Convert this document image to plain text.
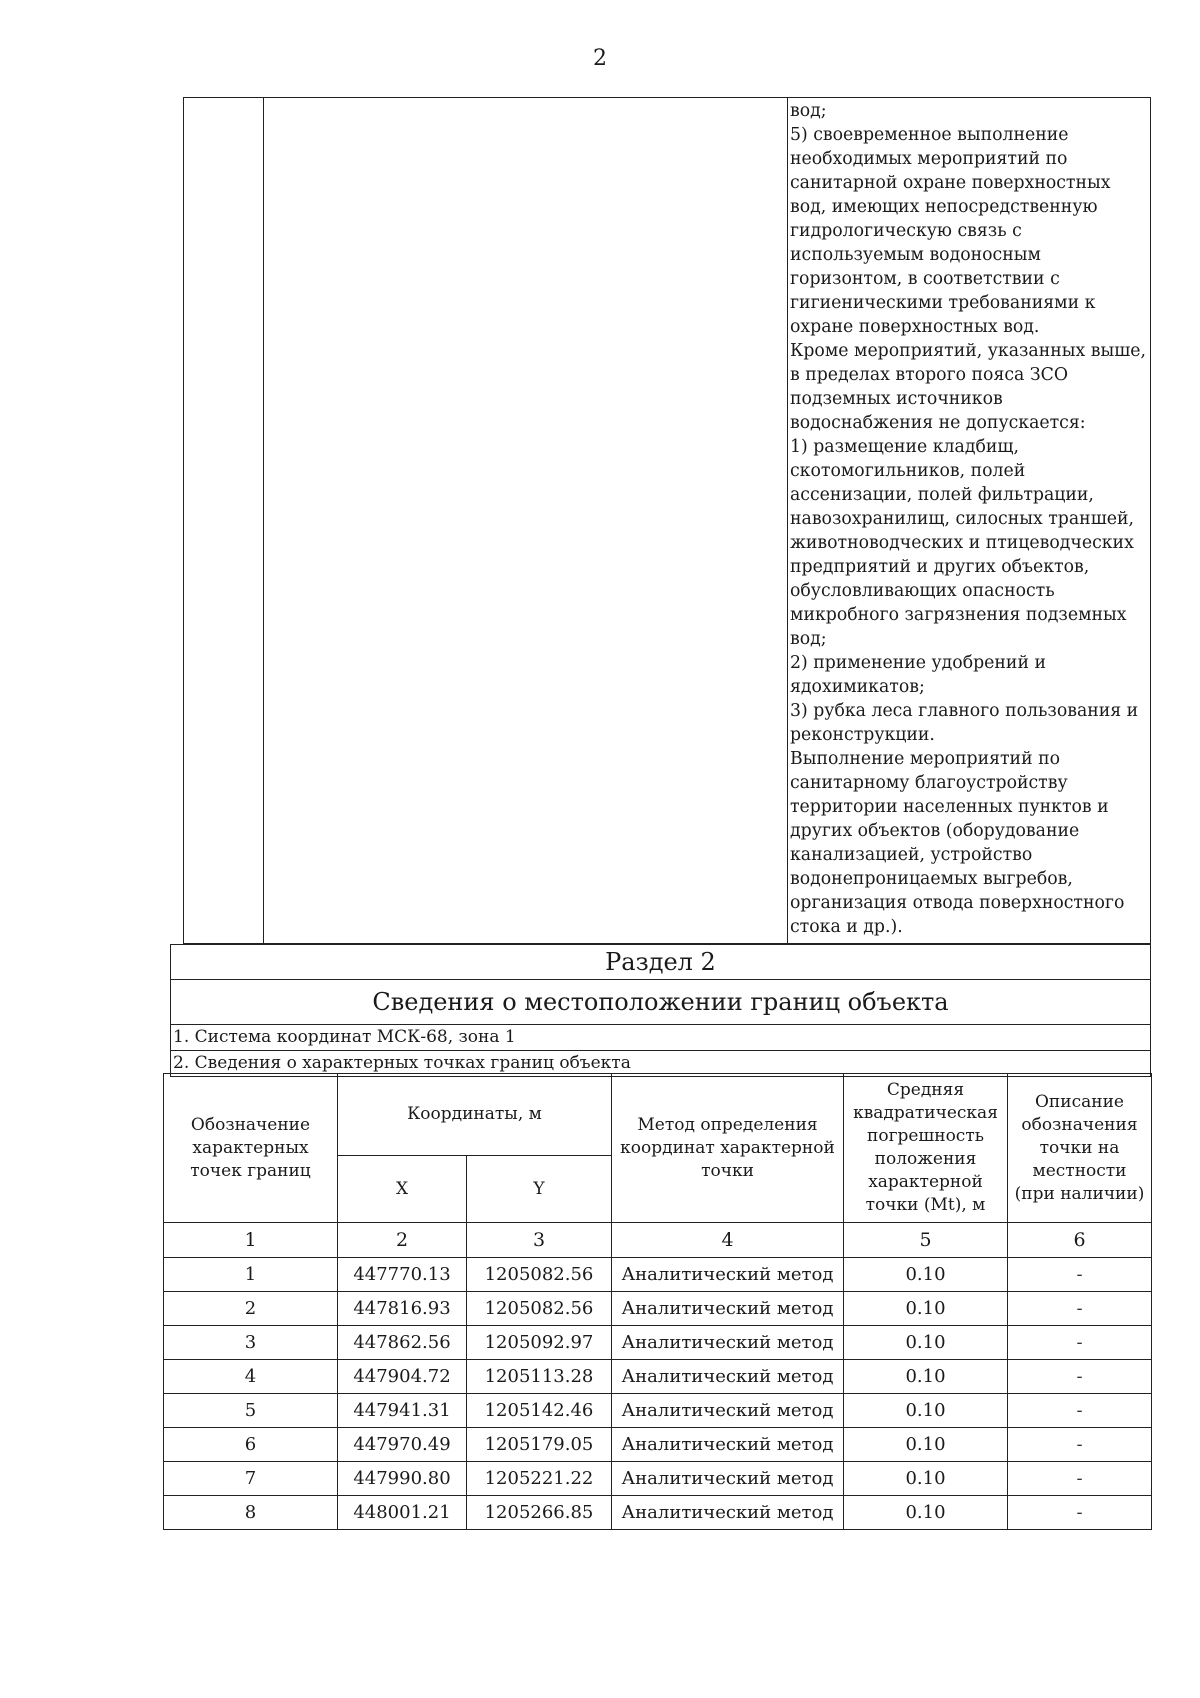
2
вод;
5) своевременное выполнение
необходимых мероприятий по
санитарной охране поверхностных
вод, имеющих непосредственную
гидрологическую связь с
используемым водоносным
горизонтом, в соответствии с
гигиеническими требованиями к
охране поверхностных вод.
Кроме мероприятий, указанных выше,
в пределах второго пояса ЗСО
подземных источников
водоснабжения не допускается:
1) размещение кладбищ,
скотомогильников, полей
ассенизации, полей фильтрации,
навозохранилищ, силосных траншей,
животноводческих и птицеводческих
предприятий и других объектов,
обусловливающих опасность
микробного загрязнения подземных
вод;
2) применение удобрений и
ядохимикатов;
3) рубка леса главного пользования и
реконструкции.
Выполнение мероприятий по
санитарному благоустройству
территории населенных пунктов и
других объектов (оборудование
канализацией, устройство
водонепроницаемых выгребов,
организация отвода поверхностного
стока и др.).
Раздел 2
Сведения о местоположении границ объекта
1. Система координат МСК-68, зона 1
2. Сведения о характерных точках границ объекта
Обозначение характерных точек границ	Координаты, м		Метод определения координат характерной точки	Средняя квадратическая погрешность положения характерной точки (Mt), м	Описание обозначения точки на местности (при наличии)
	X	Y			
1	2	3	4	5	6
1	447770.13	1205082.56	Аналитический метод	0.10	-
2	447816.93	1205082.56	Аналитический метод	0.10	-
3	447862.56	1205092.97	Аналитический метод	0.10	-
4	447904.72	1205113.28	Аналитический метод	0.10	-
5	447941.31	1205142.46	Аналитический метод	0.10	-
6	447970.49	1205179.05	Аналитический метод	0.10	-
7	447990.80	1205221.22	Аналитический метод	0.10	-
8	448001.21	1205266.85	Аналитический метод	0.10	-
